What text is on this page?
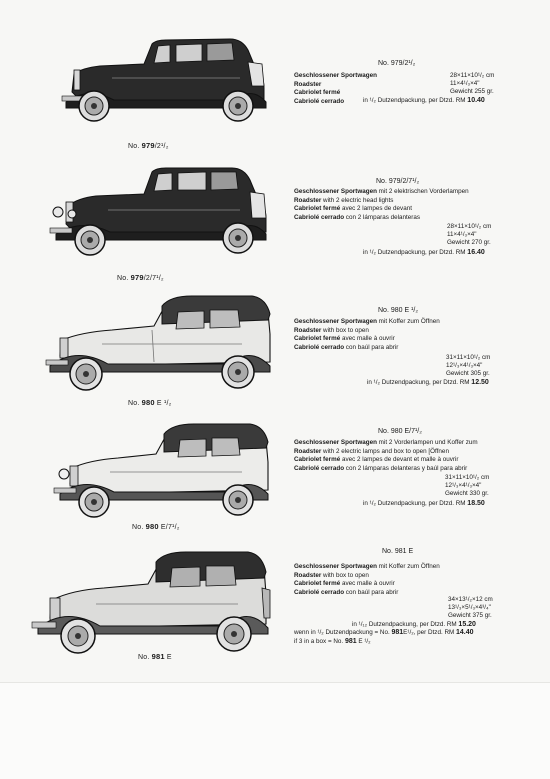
No. 979/2¹/₂
No. 979/2¹/₂
Geschlossener Sportwagen
Roadster
Cabriolet fermé
Cabriolé cerrado
28×11×10¹/₂ cm
11×4¹/₃×4"
Gewicht 255 gr.
in ¹/₂ Dutzendpackung, per Dtzd. RM 10.40
No. 979/2/7¹/₂
No. 979/2/7¹/₂
Geschlossener Sportwagen mit 2 elektrischen Vorderlampen
Roadster with 2 electric head lights
Cabriolet fermé avec 2 lampes de devant
Cabriolé cerrado con 2 lámparas delanteras
28×11×10¹/₂ cm
11×4¹/₃×4"
Gewicht 270 gr.
in ¹/₂ Dutzendpackung, per Dtzd. RM 16.40
No. 980 E ¹/₂
No. 980 E ¹/₂
Geschlossener Sportwagen mit Koffer zum Öffnen
Roadster with box to open
Cabriolet fermé avec malle à ouvrir
Cabriolé cerrado con baúl para abrir
31×11×10¹/₂ cm
12¹/₃×4¹/₃×4"
Gewicht 305 gr.
in ¹/₂ Dutzendpackung, per Dtzd. RM 12.50
No. 980 E/7¹/₂
No. 980 E/7¹/₂
Geschlossener Sportwagen mit 2 Vorderlampen und Koffer zum
Roadster with 2 electric lamps and box to open [Öffnen
Cabriolet fermé avec 2 lampes de devant et malle à ouvrir
Cabriolé cerrado con 2 lámparas delanteras y baúl para abrir
31×11×10¹/₂ cm
12¹/₃×4¹/₃×4"
Gewicht 330 gr.
in ¹/₂ Dutzendpackung, per Dtzd. RM 18.50
No. 981 E
No. 981 E
Geschlossener Sportwagen mit Koffer zum Öffnen
Roadster with box to open
Cabriolet fermé avec malle à ouvrir
Cabriolé cerrado con baúl para abrir
34×13¹/₂×12 cm
13¹/₃×5¹/₃×4³/₄"
Gewicht 375 gr.
in ¹/₁₂ Dutzendpackung, per Dtzd. RM 15.20
wenn in ¹/₂ Dutzendpackung = No. 981E¹/₂, per Dtzd. RM 14.40
if 3 in a box = No. 981 E ¹/₂
